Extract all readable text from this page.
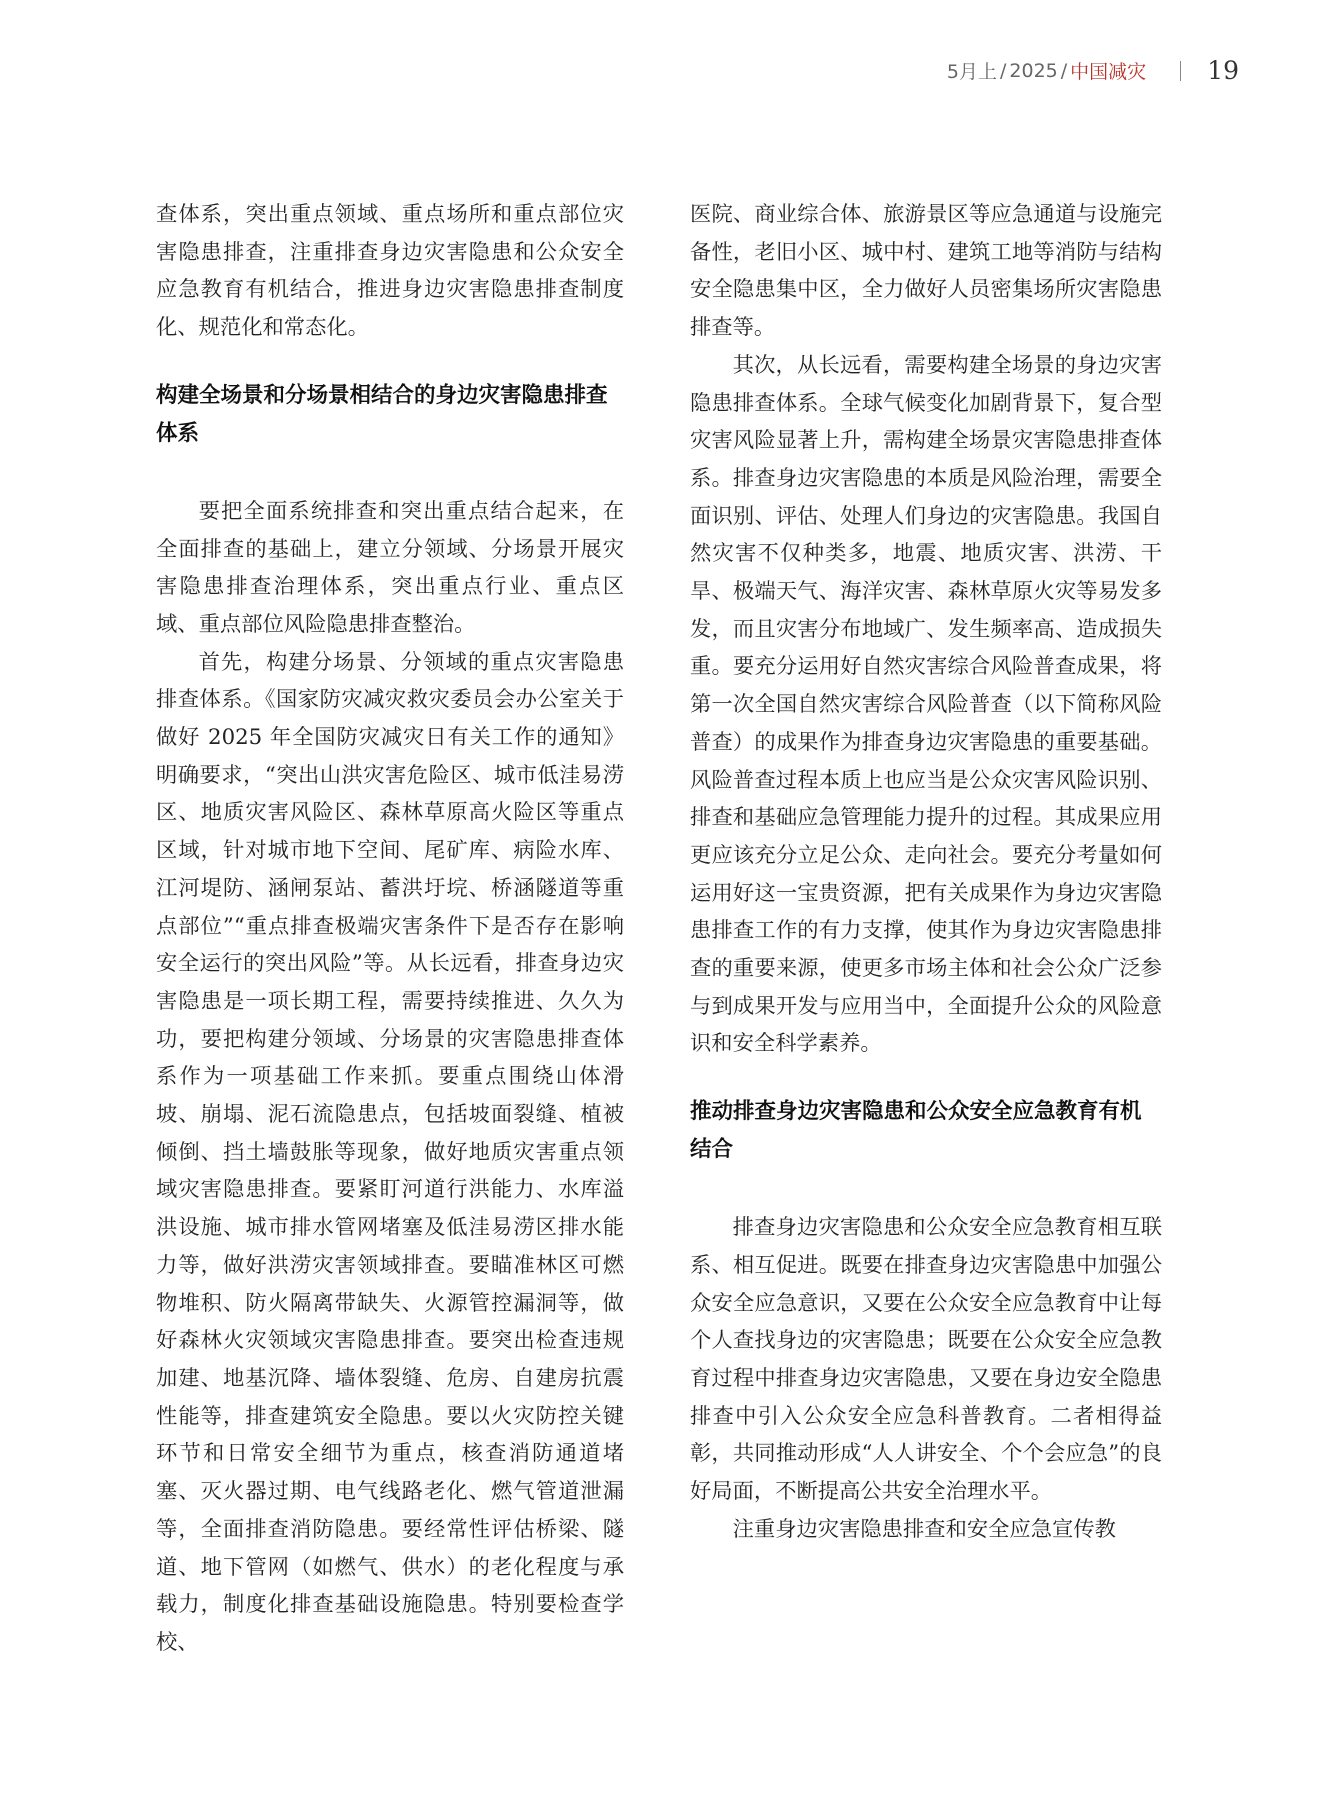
5月上 / 2025 / 中国减灾 19

查体系，突出重点领域、重点场所和重点部位灾害隐患排查，注重排查身边灾害隐患和公众安全应急教育有机结合，推进身边灾害隐患排查制度化、规范化和常态化。

构建全场景和分场景相结合的身边灾害隐患排查体系

要把全面系统排查和突出重点结合起来，在全面排查的基础上，建立分领域、分场景开展灾害隐患排查治理体系，突出重点行业、重点区域、重点部位风险隐患排查整治。

首先，构建分场景、分领域的重点灾害隐患排查体系。《国家防灾减灾救灾委员会办公室关于做好 2025 年全国防灾减灾日有关工作的通知》明确要求，“突出山洪灾害危险区、城市低洼易涝区、地质灾害风险区、森林草原高火险区等重点区域，针对城市地下空间、尾矿库、病险水库、江河堤防、涵闸泵站、蓄洪圩垸、桥涵隧道等重点部位”“重点排查极端灾害条件下是否存在影响安全运行的突出风险”等。从长远看，排查身边灾害隐患是一项长期工程，需要持续推进、久久为功，要把构建分领域、分场景的灾害隐患排查体系作为一项基础工作来抓。要重点围绕山体滑坡、崩塌、泥石流隐患点，包括坡面裂缝、植被倾倒、挡土墙鼓胀等现象，做好地质灾害重点领域灾害隐患排查。要紧盯河道行洪能力、水库溢洪设施、城市排水管网堵塞及低洼易涝区排水能力等，做好洪涝灾害领域排查。要瞄准林区可燃物堆积、防火隔离带缺失、火源管控漏洞等，做好森林火灾领域灾害隐患排查。要突出检查违规加建、地基沉降、墙体裂缝、危房、自建房抗震性能等，排查建筑安全隐患。要以火灾防控关键环节和日常安全细节为重点，核查消防通道堵塞、灭火器过期、电气线路老化、燃气管道泄漏等，全面排查消防隐患。要经常性评估桥梁、隧道、地下管网（如燃气、供水）的老化程度与承载力，制度化排查基础设施隐患。特别要检查学校、

医院、商业综合体、旅游景区等应急通道与设施完备性，老旧小区、城中村、建筑工地等消防与结构安全隐患集中区，全力做好人员密集场所灾害隐患排查等。

其次，从长远看，需要构建全场景的身边灾害隐患排查体系。全球气候变化加剧背景下，复合型灾害风险显著上升，需构建全场景灾害隐患排查体系。排查身边灾害隐患的本质是风险治理，需要全面识别、评估、处理人们身边的灾害隐患。我国自然灾害不仅种类多，地震、地质灾害、洪涝、干旱、极端天气、海洋灾害、森林草原火灾等易发多发，而且灾害分布地域广、发生频率高、造成损失重。要充分运用好自然灾害综合风险普查成果，将第一次全国自然灾害综合风险普查（以下简称风险普查）的成果作为排查身边灾害隐患的重要基础。风险普查过程本质上也应当是公众灾害风险识别、排查和基础应急管理能力提升的过程。其成果应用更应该充分立足公众、走向社会。要充分考量如何运用好这一宝贵资源，把有关成果作为身边灾害隐患排查工作的有力支撑，使其作为身边灾害隐患排查的重要来源，使更多市场主体和社会公众广泛参与到成果开发与应用当中，全面提升公众的风险意识和安全科学素养。

推动排查身边灾害隐患和公众安全应急教育有机结合

排查身边灾害隐患和公众安全应急教育相互联系、相互促进。既要在排查身边灾害隐患中加强公众安全应急意识，又要在公众安全应急教育中让每个人查找身边的灾害隐患；既要在公众安全应急教育过程中排查身边灾害隐患，又要在身边安全隐患排查中引入公众安全应急科普教育。二者相得益彰，共同推动形成“人人讲安全、个个会应急”的良好局面，不断提高公共安全治理水平。

注重身边灾害隐患排查和安全应急宣传教
